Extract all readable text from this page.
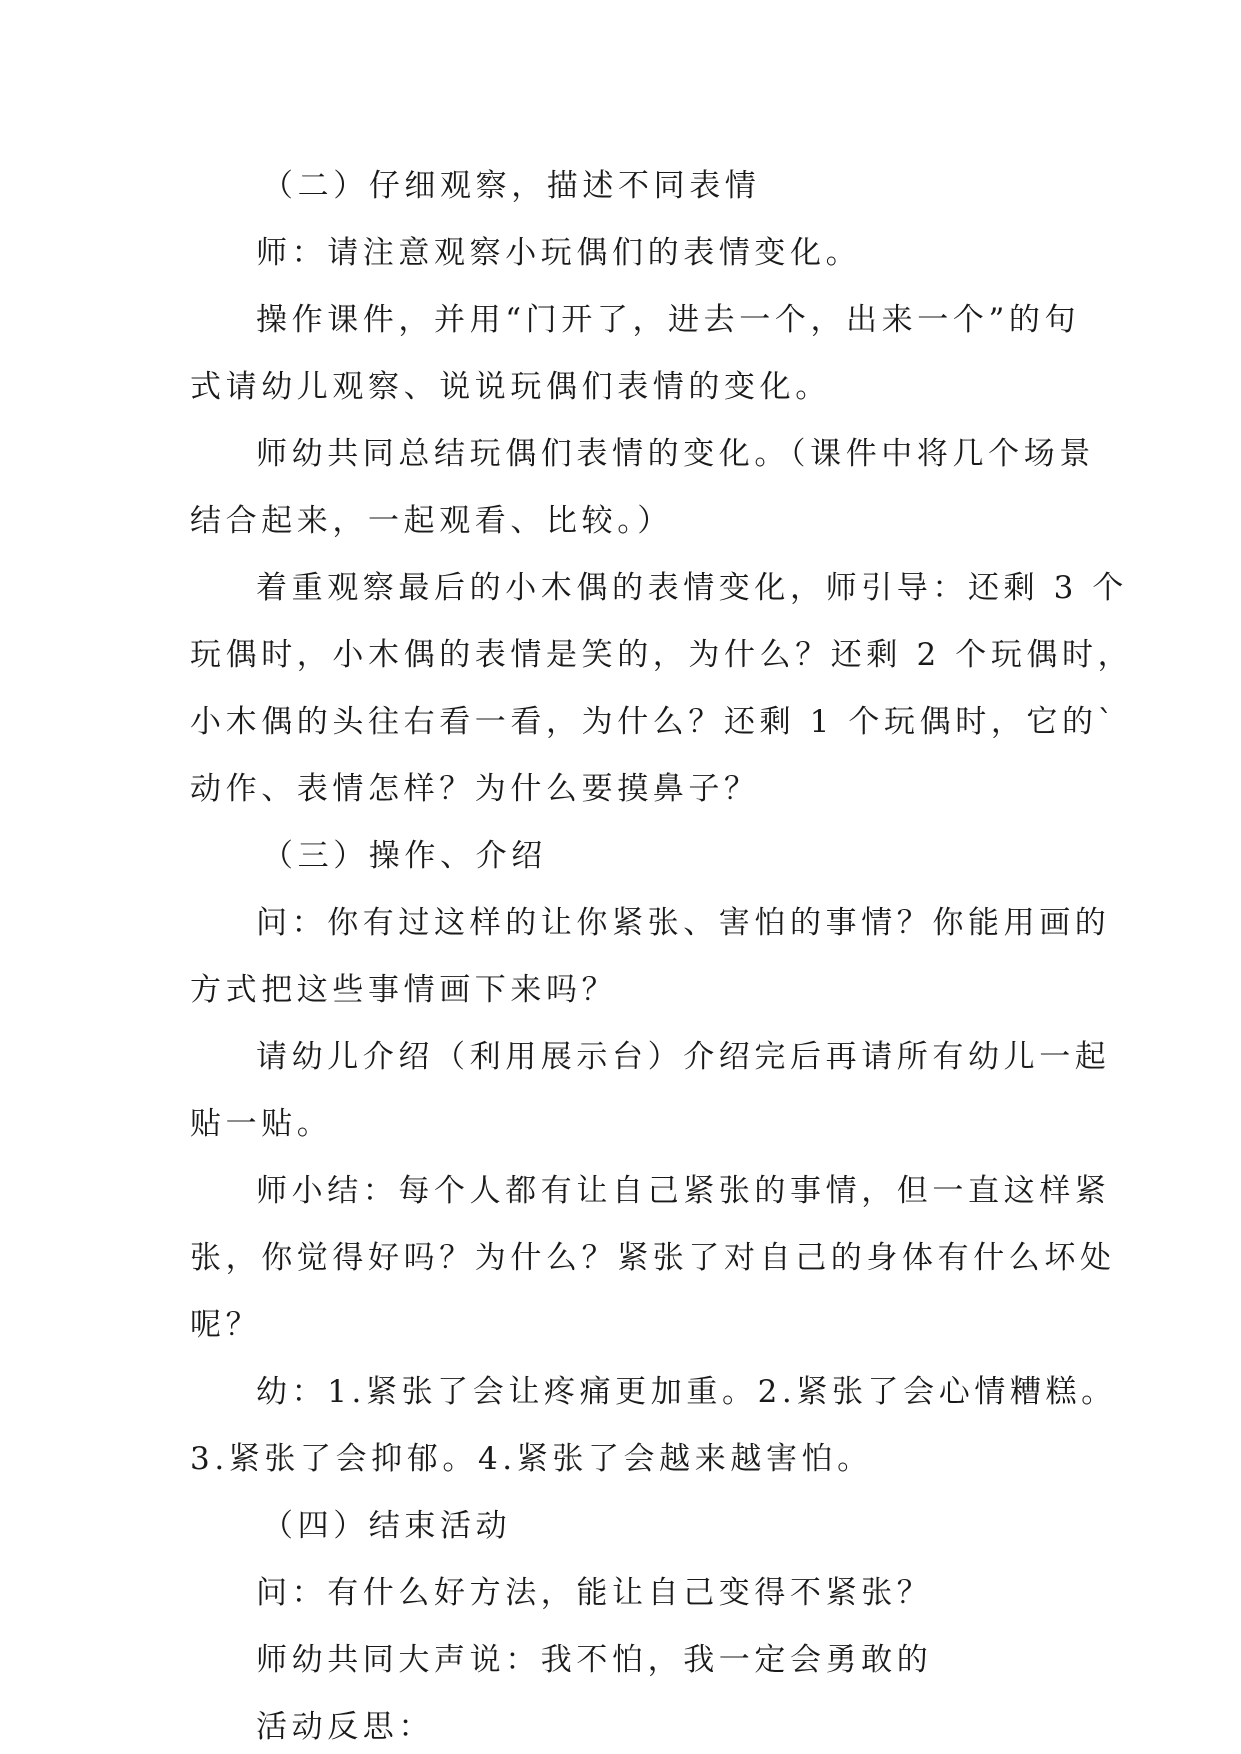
（二）仔细观察，描述不同表情
师：请注意观察小玩偶们的表情变化。
操作课件，并用“门开了，进去一个，出来一个”的句
式请幼儿观察、说说玩偶们表情的变化。
师幼共同总结玩偶们表情的变化。（课件中将几个场景
结合起来，一起观看、比较。）
着重观察最后的小木偶的表情变化，师引导：还剩 3 个
玩偶时，小木偶的表情是笑的，为什么？还剩 2 个玩偶时，
小木偶的头往右看一看，为什么？还剩 1 个玩偶时，它的`
动作、表情怎样？为什么要摸鼻子？
（三）操作、介绍
问：你有过这样的让你紧张、害怕的事情？你能用画的
方式把这些事情画下来吗？
请幼儿介绍（利用展示台）介绍完后再请所有幼儿一起
贴一贴。
师小结：每个人都有让自己紧张的事情，但一直这样紧
张，你觉得好吗？为什么？紧张了对自己的身体有什么坏处
呢？
幼：1.紧张了会让疼痛更加重。2.紧张了会心情糟糕。
3.紧张了会抑郁。4.紧张了会越来越害怕。
（四）结束活动
问：有什么好方法，能让自己变得不紧张？
师幼共同大声说：我不怕，我一定会勇敢的
活动反思：
